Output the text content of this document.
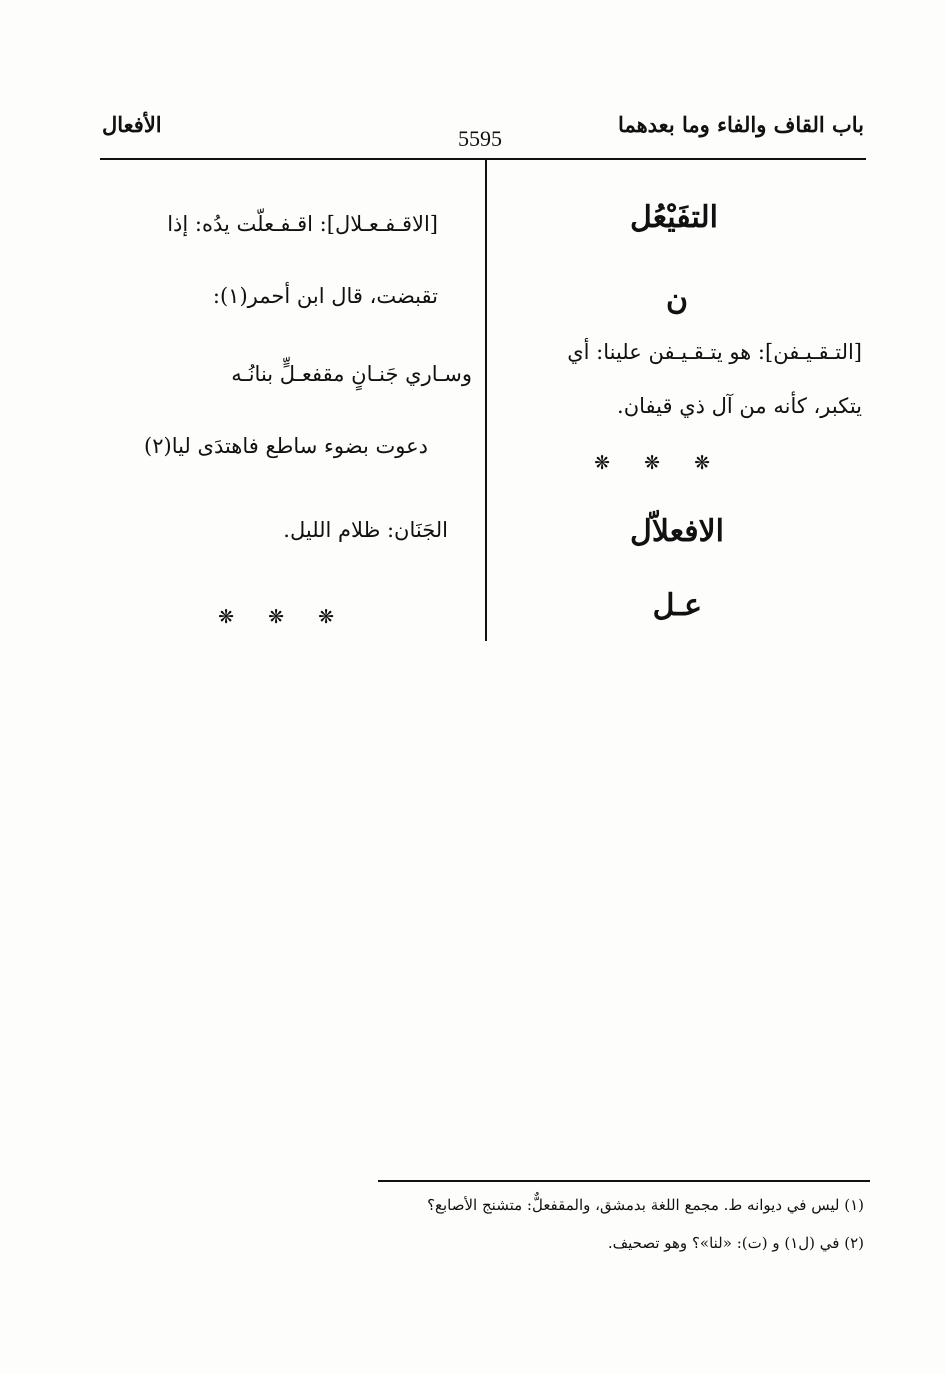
باب القاف والفاء وما بعدهما
5595
الأفعال
التفَيْعُل
ن
[التـقـيـفن]: هو يتـقـيـفن علينا: أي
يتكبر، كأنه من آل ذي قيفان.
❋ ❋ ❋
الافعلاّل
عـل
[الاقـفـعـلال]: اقـفـعلّت يدُه: إذا
تقبضت، قال ابن أحمر(١):
وسـاري جَنـانٍ مقفعـلٍّ بنانُـه
دعوت بضوء ساطع فاهتدَى ليا(٢)
الجَنَان: ظلام الليل.
❋ ❋ ❋
(١) ليس في ديوانه ط. مجمع اللغة بدمشق، والمقفعلٌّ: متشنج الأصابع؟
(٢) في (ل١) و (ت): «لنا»؟ وهو تصحيف.
